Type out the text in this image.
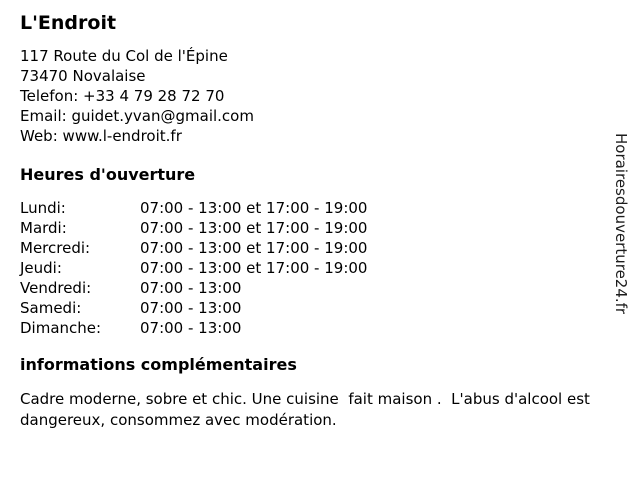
L'Endroit
117 Route du Col de l'Épine
73470 Novalaise
Telefon: +33 4 79 28 72 70
Email: guidet.yvan@gmail.com
Web: www.l-endroit.fr
Heures d'ouverture
Lundi:	07:00 - 13:00 et 17:00 - 19:00
Mardi:	07:00 - 13:00 et 17:00 - 19:00
Mercredi:	07:00 - 13:00 et 17:00 - 19:00
Jeudi:	07:00 - 13:00 et 17:00 - 19:00
Vendredi:	07:00 - 13:00
Samedi:	07:00 - 13:00
Dimanche:	07:00 - 13:00
informations complémentaires
Cadre moderne, sobre et chic. Une cuisine  fait maison .  L'abus d'alcool est dangereux, consommez avec modération.
Horairesdouverture24.fr
